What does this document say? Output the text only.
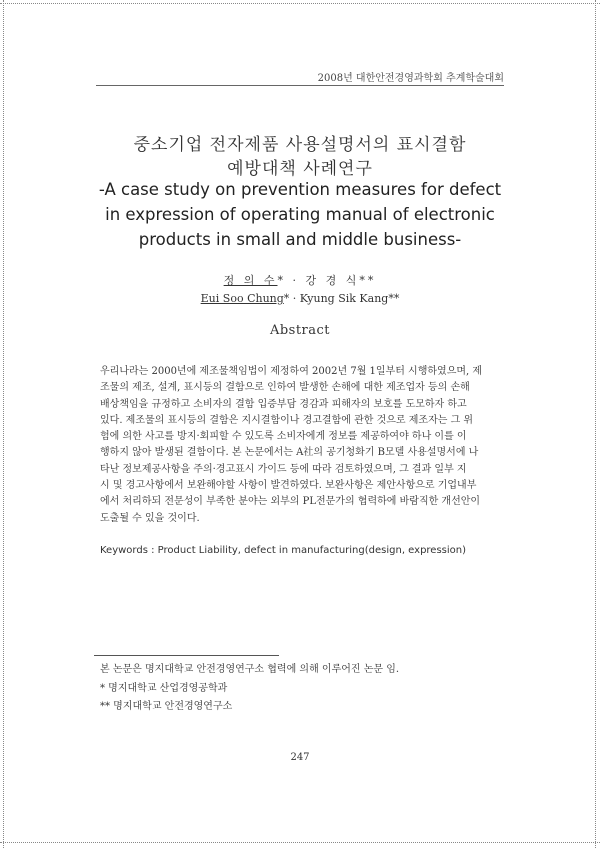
2008년 대한안전경영과학회 추계학술대회
중소기업 전자제품 사용설명서의 표시결함
예방대책 사례연구
-A case study on prevention measures for defect
in expression of operating manual of electronic
products in small and middle business-
정 의 수* · 강 경 식**
Eui Soo Chung* · Kyung Sik Kang**
Abstract
우리나라는 2000년에 제조물책임법이 제정하여 2002년 7월 1일부터 시행하였으며, 제
조물의 제조, 설계, 표시등의 결함으로 인하여 발생한 손해에 대한 제조업자 등의 손해
배상책임을 규정하고 소비자의 결함 입증부담 경감과 피해자의 보호를 도모하자 하고
있다. 제조물의 표시등의 결함은 지시결함이나 경고결함에 관한 것으로 제조자는 그 위
험에 의한 사고를 방지·회피할 수 있도록 소비자에게 정보를 제공하여야 하나 이를 이
행하지 않아 발생된 결함이다. 본 논문에서는 A社의 공기청화기 B모델 사용설명서에 나
타난 정보제공사항을 주의·경고표시 가이드 등에 따라 검토하였으며, 그 결과 일부 지
시 및 경고사항에서 보완해야할 사항이 발견하였다. 보완사항은 제안사항으로 기업내부
에서 처리하되 전문성이 부족한 분야는 외부의 PL전문가의 협력하에 바람직한 개선안이
도출될 수 있을 것이다.
Keywords : Product Liability, defect in manufacturing(design, expression)
본 논문은 명지대학교 안전경영연구소 협력에 의해 이루어진 논문 임.
* 명지대학교 산업경영공학과
** 명지대학교 안전경영연구소
247
